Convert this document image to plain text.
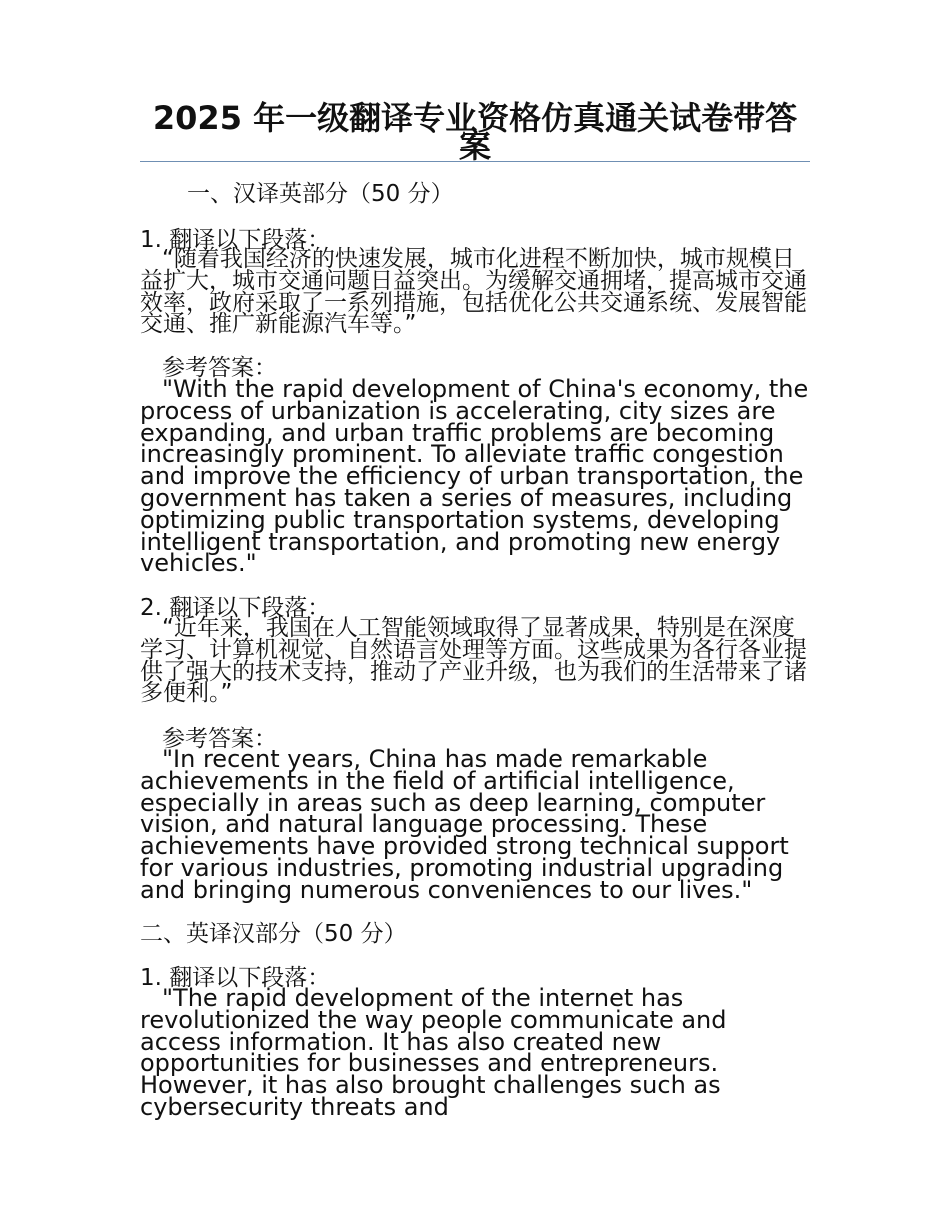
2025 年一级翻译专业资格仿真通关试卷带答案

一、汉译英部分（50 分）

1. 翻译以下段落：

“随着我国经济的快速发展，城市化进程不断加快，城市规模日益扩大，城市交通问题日益突出。为缓解交通拥堵，提高城市交通效率，政府采取了一系列措施，包括优化公共交通系统、发展智能交通、推广新能源汽车等。”

参考答案：

"With the rapid development of China's economy, the process of urbanization is accelerating, city sizes are expanding, and urban traffic problems are becoming increasingly prominent. To alleviate traffic congestion and improve the efficiency of urban transportation, the government has taken a series of measures, including optimizing public transportation systems, developing intelligent transportation, and promoting new energy vehicles."

2. 翻译以下段落：

“近年来，我国在人工智能领域取得了显著成果，特别是在深度学习、计算机视觉、自然语言处理等方面。这些成果为各行各业提供了强大的技术支持，推动了产业升级，也为我们的生活带来了诸多便利。”

参考答案：

"In recent years, China has made remarkable achievements in the field of artificial intelligence, especially in areas such as deep learning, computer vision, and natural language processing. These achievements have provided strong technical support for various industries, promoting industrial upgrading and bringing numerous conveniences to our lives."

二、英译汉部分（50 分）

1. 翻译以下段落：

"The rapid development of the internet has revolutionized the way people communicate and access information. It has also created new opportunities for businesses and entrepreneurs. However, it has also brought challenges such as cybersecurity threats and
